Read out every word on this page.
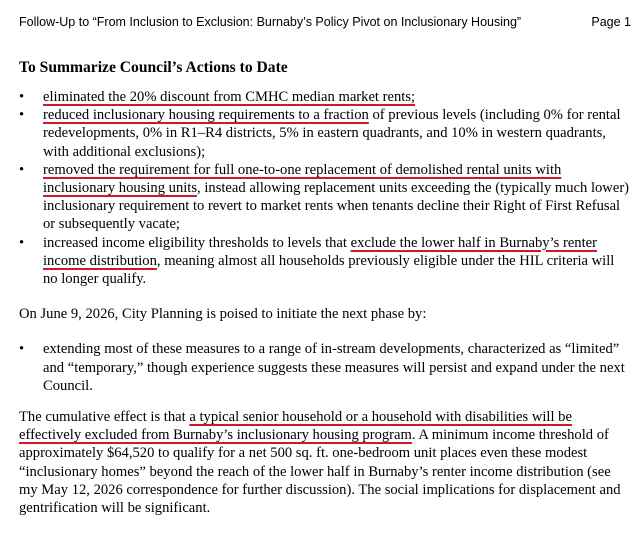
Follow-Up to “From Inclusion to Exclusion: Burnaby’s Policy Pivot on Inclusionary Housing”	Page 1
To Summarize Council’s Actions to Date
• eliminated the 20% discount from CMHC median market rents;
• reduced inclusionary housing requirements to a fraction of previous levels (including 0% for rental redevelopments, 0% in R1–R4 districts, 5% in eastern quadrants, and 10% in western quadrants, with additional exclusions);
• removed the requirement for full one-to-one replacement of demolished rental units with inclusionary housing units, instead allowing replacement units exceeding the (typically much lower) inclusionary requirement to revert to market rents when tenants decline their Right of First Refusal or subsequently vacate;
• increased income eligibility thresholds to levels that exclude the lower half in Burnaby’s renter income distribution, meaning almost all households previously eligible under the HIL criteria will no longer qualify.

On June 9, 2026, City Planning is poised to initiate the next phase by:

• extending most of these measures to a range of in-stream developments, characterized as “limited” and “temporary,” though experience suggests these measures will persist and expand under the next Council.

The cumulative effect is that a typical senior household or a household with disabilities will be effectively excluded from Burnaby’s inclusionary housing program. A minimum income threshold of approximately $64,520 to qualify for a net 500 sq. ft. one-bedroom unit places even these modest “inclusionary homes” beyond the reach of the lower half in Burnaby’s renter income distribution (see my May 12, 2026 correspondence for further discussion). The social implications for displacement and gentrification will be significant.
